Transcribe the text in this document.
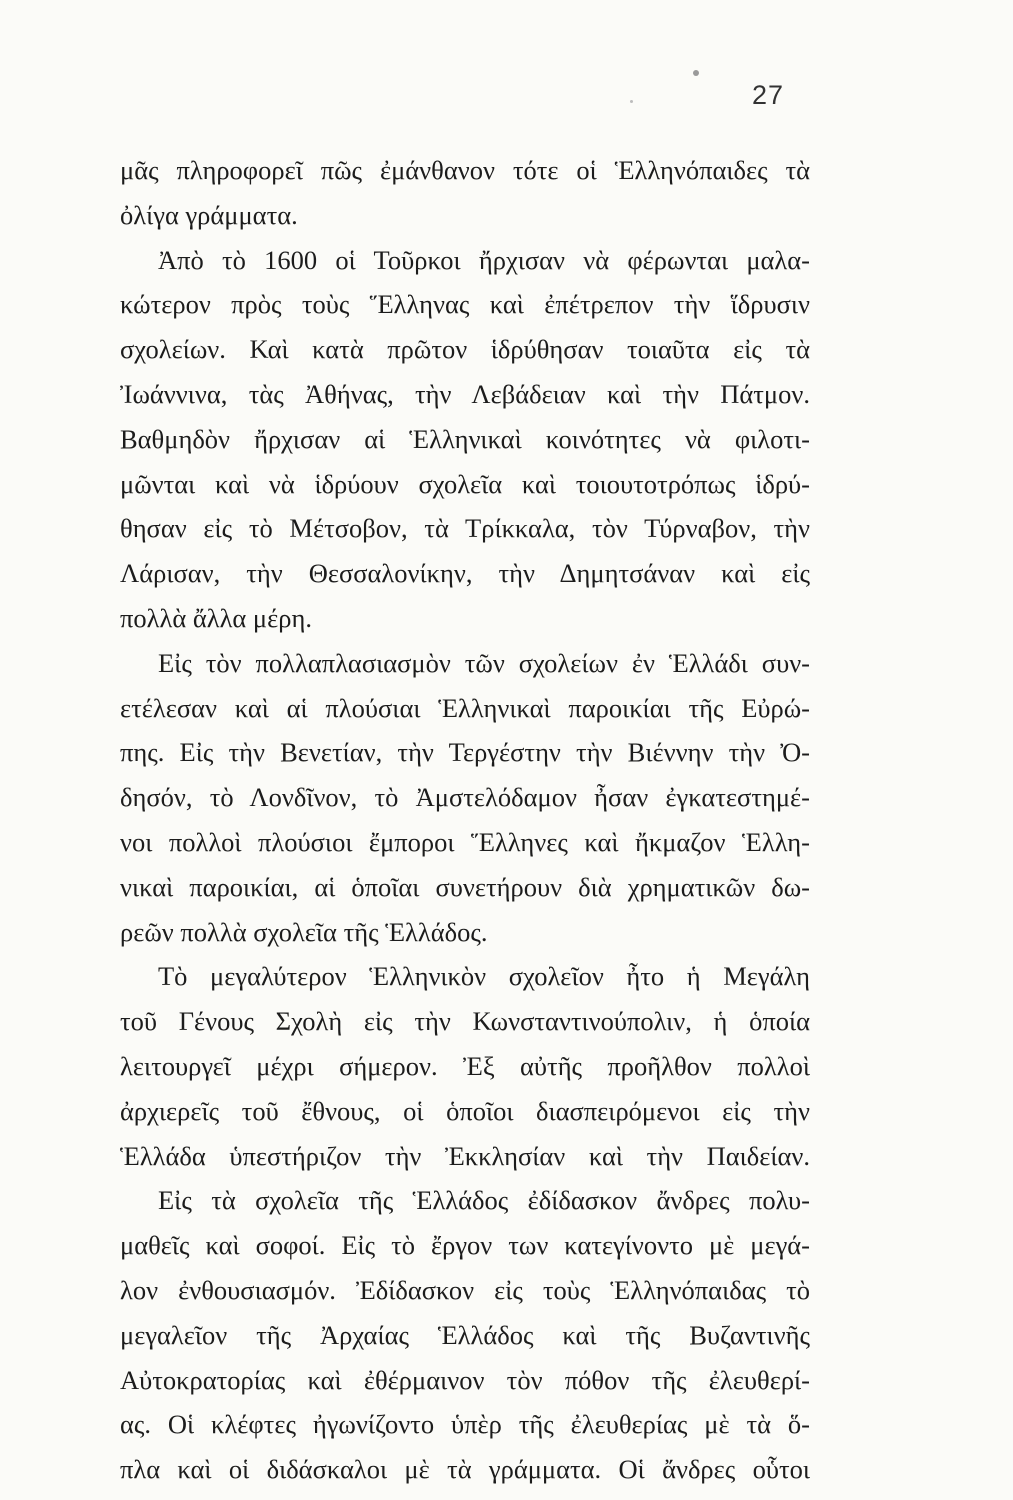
27
μᾶς πληροφορεῖ πῶς ἐμάνθανον τότε οἱ Ἑλληνόπαιδες τὰ
ὀλίγα γράμματα.
Ἀπὸ τὸ 1600 οἱ Τοῦρκοι ἤρχισαν νὰ φέρωνται μαλα-
κώτερον πρὸς τοὺς Ἕλληνας καὶ ἐπέτρεπον τὴν ἵδρυσιν
σχολείων. Καὶ κατὰ πρῶτον ἱδρύθησαν τοιαῦτα εἰς τὰ
Ἰωάννινα, τὰς Ἀθήνας, τὴν Λεβάδειαν καὶ τὴν Πάτμον.
Βαθμηδὸν ἤρχισαν αἱ Ἑλληνικαὶ κοινότητες νὰ φιλοτι-
μῶνται καὶ νὰ ἱδρύουν σχολεῖα καὶ τοιουτοτρόπως ἱδρύ-
θησαν εἰς τὸ Μέτσοβον, τὰ Τρίκκαλα, τὸν Τύρναβον, τὴν
Λάρισαν, τὴν Θεσσαλονίκην, τὴν Δημητσάναν καὶ εἰς
πολλὰ ἄλλα μέρη.
Εἰς τὸν πολλαπλασιασμὸν τῶν σχολείων ἐν Ἑλλάδι συν-
ετέλεσαν καὶ αἱ πλούσιαι Ἑλληνικαὶ παροικίαι τῆς Εὐρώ-
πης. Εἰς τὴν Βενετίαν, τὴν Τεργέστην τὴν Βιέννην τὴν Ὀ-
δησόν, τὸ Λονδῖνον, τὸ Ἀμστελόδαμον ἦσαν ἐγκατεστημέ-
νοι πολλοὶ πλούσιοι ἔμποροι Ἕλληνες καὶ ἤκμαζον Ἑλλη-
νικαὶ παροικίαι, αἱ ὁποῖαι συνετήρουν διὰ χρηματικῶν δω-
ρεῶν πολλὰ σχολεῖα τῆς Ἑλλάδος.
Τὸ μεγαλύτερον Ἑλληνικὸν σχολεῖον ἦτο ἡ Μεγάλη
τοῦ Γένους Σχολὴ εἰς τὴν Κωνσταντινούπολιν, ἡ ὁποία
λειτουργεῖ μέχρι σήμερον. Ἐξ αὐτῆς προῆλθον πολλοὶ
ἀρχιερεῖς τοῦ ἔθνους, οἱ ὁποῖοι διασπειρόμενοι εἰς τὴν
Ἑλλάδα ὑπεστήριζον τὴν Ἐκκλησίαν καὶ τὴν Παιδείαν.
Εἰς τὰ σχολεῖα τῆς Ἑλλάδος ἐδίδασκον ἄνδρες πολυ-
μαθεῖς καὶ σοφοί. Εἰς τὸ ἔργον των κατεγίνοντο μὲ μεγά-
λον ἐνθουσιασμόν. Ἐδίδασκον εἰς τοὺς Ἑλληνόπαιδας τὸ
μεγαλεῖον τῆς Ἀρχαίας Ἑλλάδος καὶ τῆς Βυζαντινῆς
Αὐτοκρατορίας καὶ ἐθέρμαινον τὸν πόθον τῆς ἐλευθερί-
ας. Οἱ κλέφτες ἠγωνίζοντο ὑπὲρ τῆς ἐλευθερίας μὲ τὰ ὅ-
πλα καὶ οἱ διδάσκαλοι μὲ τὰ γράμματα. Οἱ ἄνδρες οὗτοι
